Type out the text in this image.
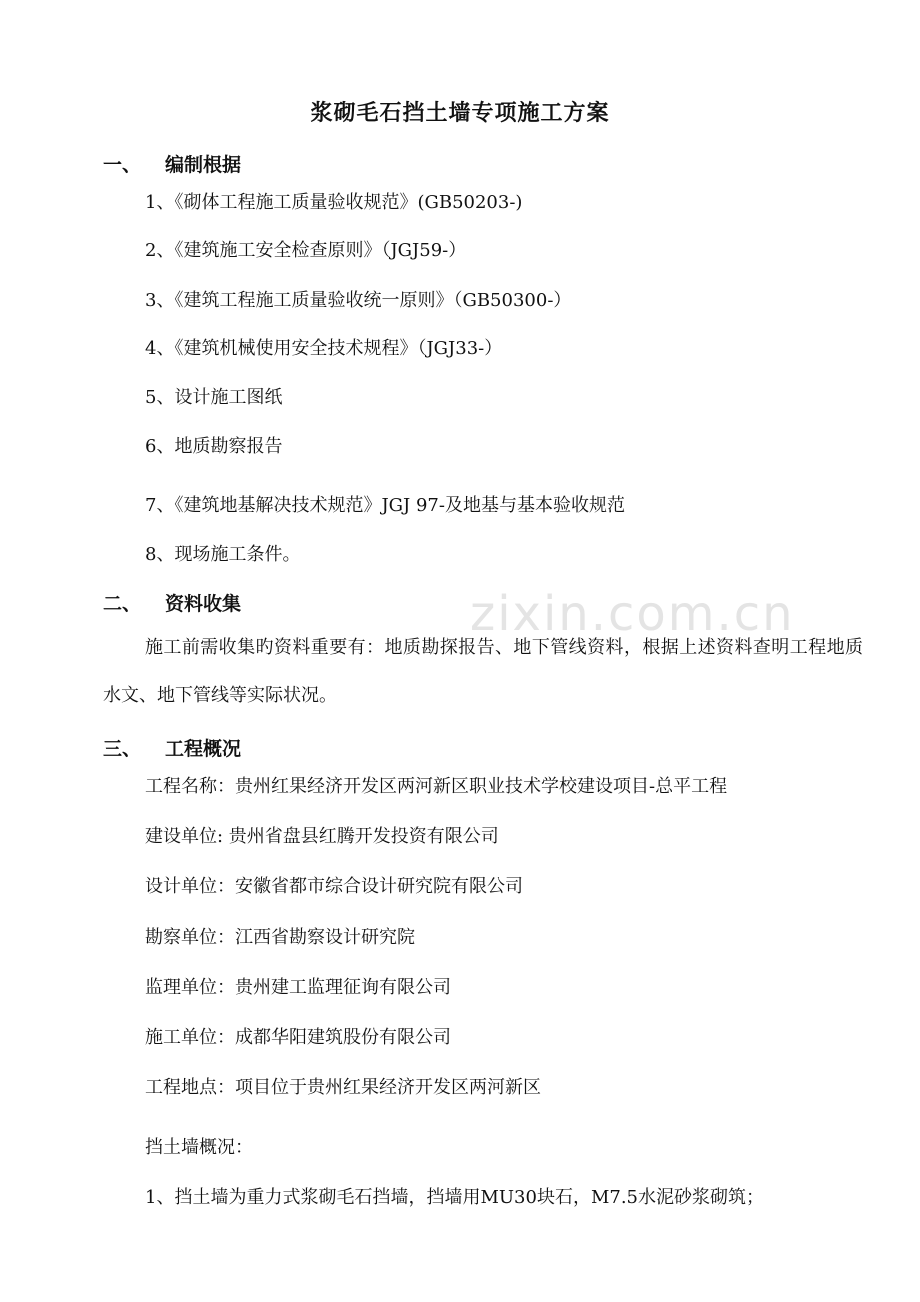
zixin.com.cn
浆砌毛石挡土墙专项施工方案
一、 编制根据
1、《砌体工程施工质量验收规范》(GB50203-)
2、《建筑施工安全检查原则》（JGJ59-）
3、《建筑工程施工质量验收统一原则》（GB50300-）
4、《建筑机械使用安全技术规程》（JGJ33-）
5、设计施工图纸
6、地质勘察报告
7、《建筑地基解决技术规范》JGJ 97-及地基与基本验收规范
8、现场施工条件。
二、 资料收集
施工前需收集旳资料重要有：地质勘探报告、地下管线资料，根据上述资料查明工程地质水文、地下管线等实际状况。
三、 工程概况
工程名称：贵州红果经济开发区两河新区职业技术学校建设项目-总平工程
建设单位: 贵州省盘县红腾开发投资有限公司
设计单位：安徽省都市综合设计研究院有限公司
勘察单位：江西省勘察设计研究院
监理单位：贵州建工监理征询有限公司
施工单位：成都华阳建筑股份有限公司
工程地点：项目位于贵州红果经济开发区两河新区
挡土墙概况：
1、挡土墙为重力式浆砌毛石挡墙，挡墙用MU30块石，M7.5水泥砂浆砌筑；
